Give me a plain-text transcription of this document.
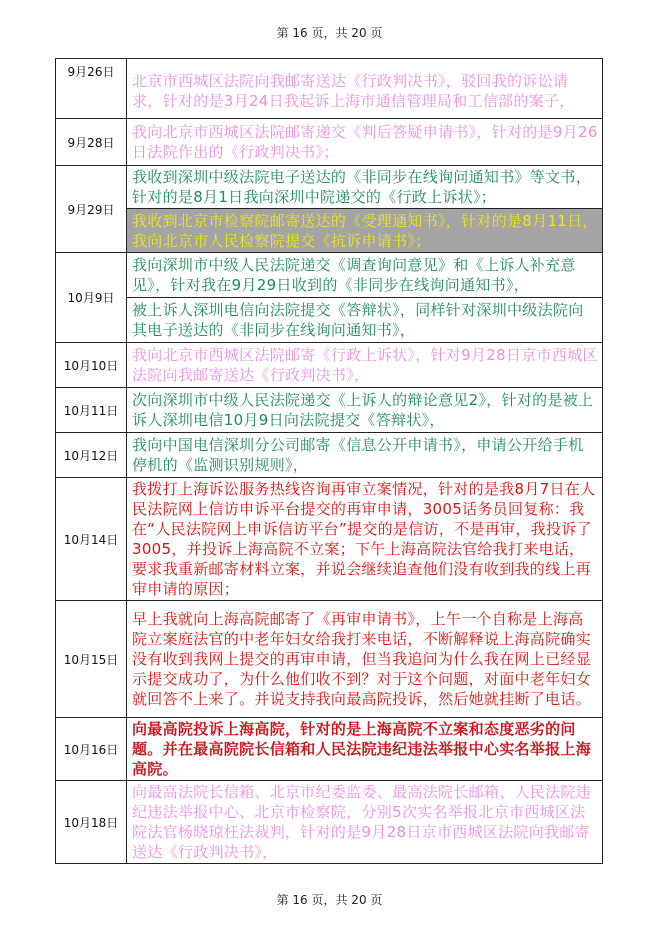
第 16 页，共 20 页
9月26日	北京市西城区法院向我邮寄送达《行政判决书》，驳回我的诉讼请求，针对的是3月24日我起诉上海市通信管理局和工信部的案子，
9月28日	我向北京市西城区法院邮寄递交《判后答疑申请书》，针对的是9月26日法院作出的《行政判决书》；
9月29日	我收到深圳中级法院电子送达的《非同步在线询问通知书》等文书，针对的是8月1日我向深圳中院递交的《行政上诉状》；
	我收到北京市检察院邮寄送达的《受理通知书》，针对的是8月11日，我向北京市人民检察院提交《抗诉申请书》；
10月9日	我向深圳市中级人民法院递交《调查询问意见》和《上诉人补充意见》，针对我在9月29日收到的《非同步在线询问通知书》，
	被上诉人深圳电信向法院提交《答辩状》，同样针对深圳中级法院向其电子送达的《非同步在线询问通知书》，
10月10日	我向北京市西城区法院邮寄《行政上诉状》，针对9月28日京市西城区法院向我邮寄送达《行政判决书》，
10月11日	次向深圳市中级人民法院递交《上诉人的辩论意见2》，针对的是被上诉人深圳电信10月9日向法院提交《答辩状》，
10月12日	我向中国电信深圳分公司邮寄《信息公开申请书》，申请公开给手机停机的《监测识别规则》，
10月14日	我拨打上海诉讼服务热线咨询再审立案情况，针对的是我8月7日在人民法院网上信访申诉平台提交的再审申请，3005话务员回复称：我在“人民法院网上申诉信访平台”提交的是信访，不是再审，我投诉了3005，并投诉上海高院不立案；下午上海高院法官给我打来电话，要求我重新邮寄材料立案，并说会继续追查他们没有收到我的线上再审申请的原因；
10月15日	早上我就向上海高院邮寄了《再审申请书》，上午一个自称是上海高院立案庭法官的中老年妇女给我打来电话，不断解释说上海高院确实没有收到我网上提交的再审申请，但当我追问为什么我在网上已经显示提交成功了，为什么他们收不到？对于这个问题，对面中老年妇女就回答不上来了。并说支持我向最高院投诉，然后她就挂断了电话。
10月16日	向最高院投诉上海高院，针对的是上海高院不立案和态度恶劣的问题。并在最高院院长信箱和人民法院违纪违法举报中心实名举报上海高院。
10月18日	向最高法院长信箱、北京市纪委监委、最高法院长邮箱、人民法院违纪违法举报中心、北京市检察院，分别5次实名举报北京市西城区法院法官杨晓琼枉法裁判，针对的是9月28日京市西城区法院向我邮寄送达《行政判决书》，
第 16 页，共 20 页
